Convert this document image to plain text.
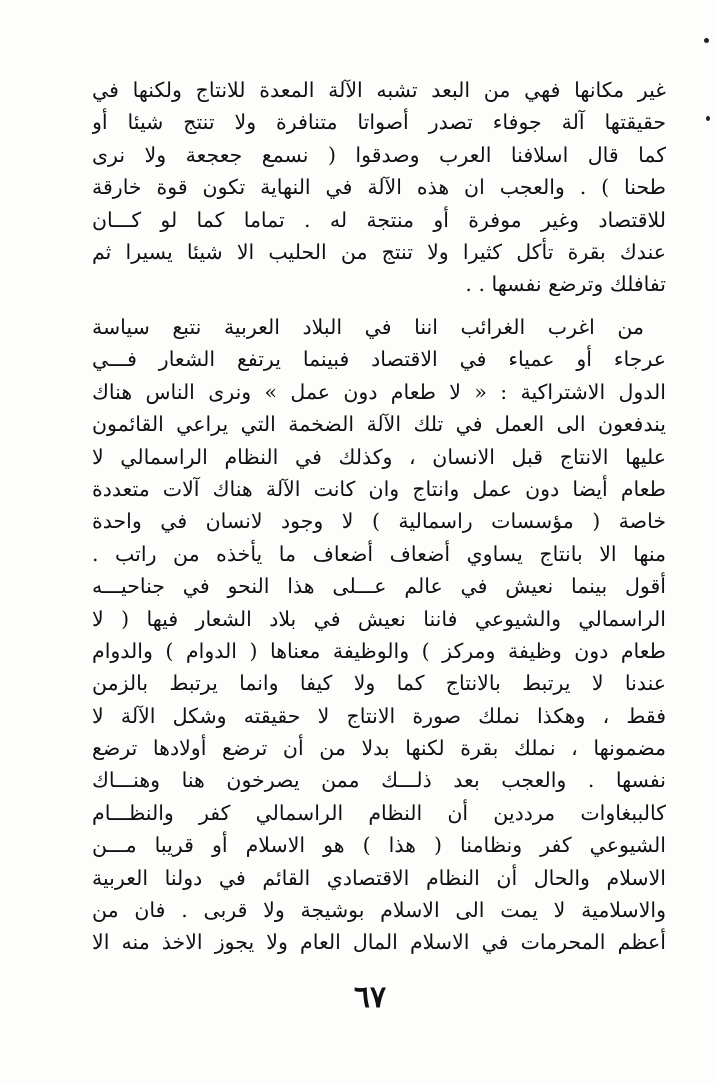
غير مكانها فهي من البعد تشبه الآلة المعدة للانتاج ولكنها في
حقيقتها آلة جوفاء تصدر أصواتا متنافرة ولا تنتج شيئا أو
كما قال اسلافنا العرب وصدقوا ( نسمع جعجعة ولا نرى
طحنا ) . والعجب ان هذه الآلة في النهاية تكون قوة خارقة
للاقتصاد وغير موفرة أو منتجة له . تماما كما لو كـــان
عندك بقرة تأكل كثيرا ولا تنتج من الحليب الا شيئا يسيرا ثم
تفافلك وترضع نفسها . .
من اغرب الغرائب اننا في البلاد العربية نتبع سياسة
عرجاء أو عمياء في الاقتصاد فبينما يرتفع الشعار فـــي
الدول الاشتراكية : « لا طعام دون عمل » ونرى الناس هناك
يندفعون الى العمل في تلك الآلة الضخمة التي يراعي القائمون
عليها الانتاج قبل الانسان ، وكذلك في النظام الراسمالي لا
طعام أيضا دون عمل وانتاج وان كانت الآلة هناك آلات متعددة
خاصة ( مؤسسات راسمالية ) لا وجود لانسان في واحدة
منها الا بانتاج يساوي أضعاف أضعاف ما يأخذه من راتب .
أقول بينما نعيش في عالم عـــلى هذا النحو في جناحيـــه
الراسمالي والشيوعي فاننا نعيش في بلاد الشعار فيها ( لا
طعام دون وظيفة ومركز ) والوظيفة معناها ( الدوام ) والدوام
عندنا لا يرتبط بالانتاج كما ولا كيفا وانما يرتبط بالزمن
فقط ، وهكذا نملك صورة الانتاج لا حقيقته وشكل الآلة لا
مضمونها ، نملك بقرة لكنها بدلا من أن ترضع أولادها ترضع
نفسها . والعجب بعد ذلـــك ممن يصرخون هنا وهنـــاك
كالببغاوات مرددين أن النظام الراسمالي كفر والنظـــام
الشيوعي كفر ونظامنا ( هذا ) هو الاسلام أو قريبا مـــن
الاسلام والحال أن النظام الاقتصادي القائم في دولنا العربية
والاسلامية لا يمت الى الاسلام بوشيجة ولا قربى . فان من
أعظم المحرمات في الاسلام المال العام ولا يجوز الاخذ منه الا
٦٧
